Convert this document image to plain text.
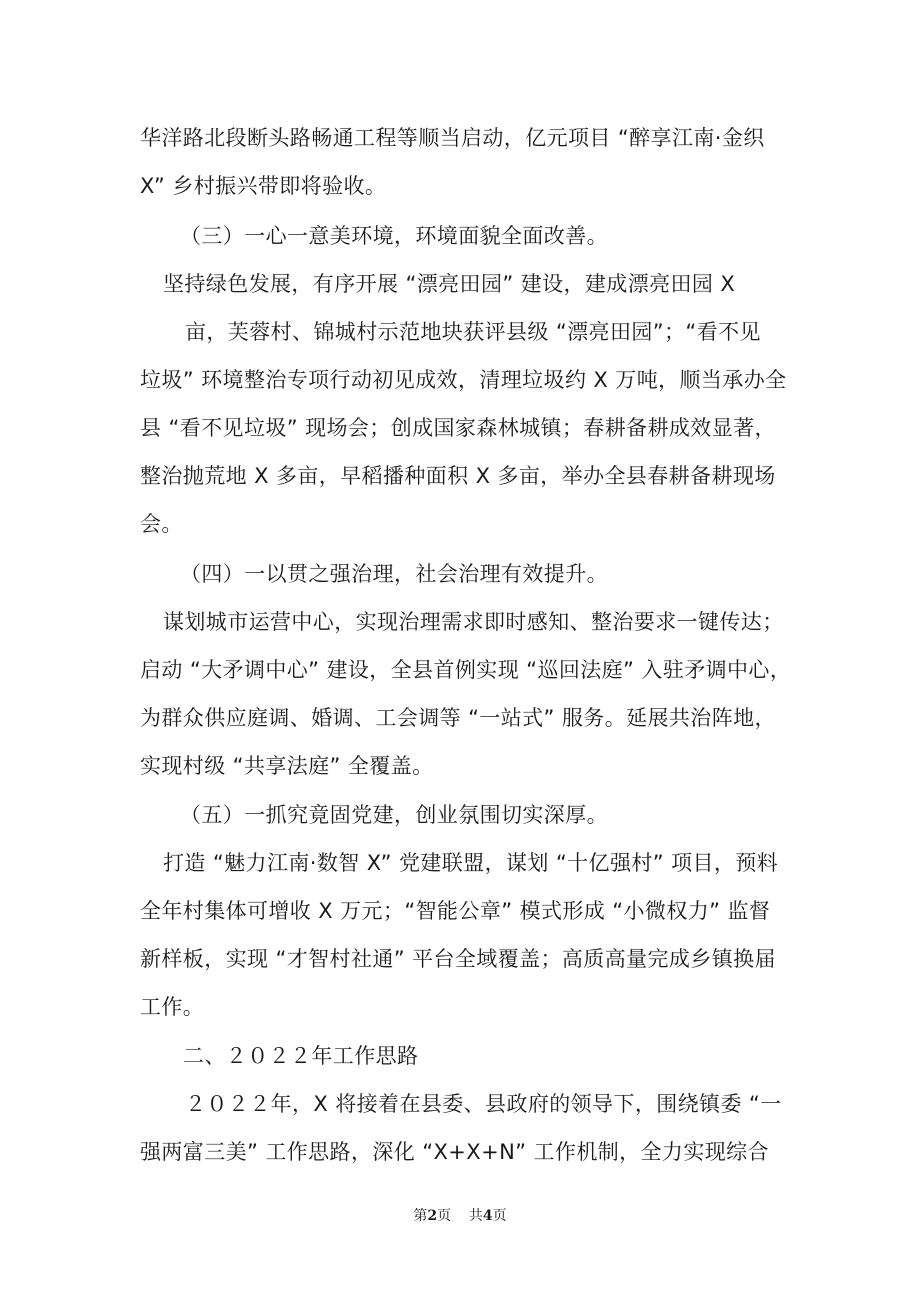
华洋路北段断头路畅通工程等顺当启动，亿元项目 “醉享江南·金织
X” 乡村振兴带即将验收。
（三）一心一意美环境，环境面貌全面改善。
坚持绿色发展，有序开展 “漂亮田园” 建设，建成漂亮田园 X
亩，芙蓉村、锦城村示范地块获评县级 “漂亮田园”；“看不见
垃圾” 环境整治专项行动初见成效，清理垃圾约 X 万吨，顺当承办全
县 “看不见垃圾” 现场会；创成国家森林城镇；春耕备耕成效显著，
整治抛荒地 X 多亩，早稻播种面积 X 多亩，举办全县春耕备耕现场
会。
（四）一以贯之强治理，社会治理有效提升。
谋划城市运营中心，实现治理需求即时感知、整治要求一键传达；
启动 “大矛调中心” 建设，全县首例实现 “巡回法庭” 入驻矛调中心，
为群众供应庭调、婚调、工会调等 “一站式” 服务。延展共治阵地，
实现村级 “共享法庭” 全覆盖。
（五）一抓究竟固党建，创业氛围切实深厚。
打造 “魅力江南·数智 X” 党建联盟，谋划 “十亿强村” 项目，预料
全年村集体可增收 X 万元；“智能公章” 模式形成 “小微权力” 监督
新样板，实现 “才智村社通” 平台全域覆盖；高质高量完成乡镇换届
工作。
二、２０２２年工作思路
２０２２年，X 将接着在县委、县政府的领导下，围绕镇委 “一
强两富三美” 工作思路，深化 “X+X+N” 工作机制，全力实现综合
第2页 共4页
